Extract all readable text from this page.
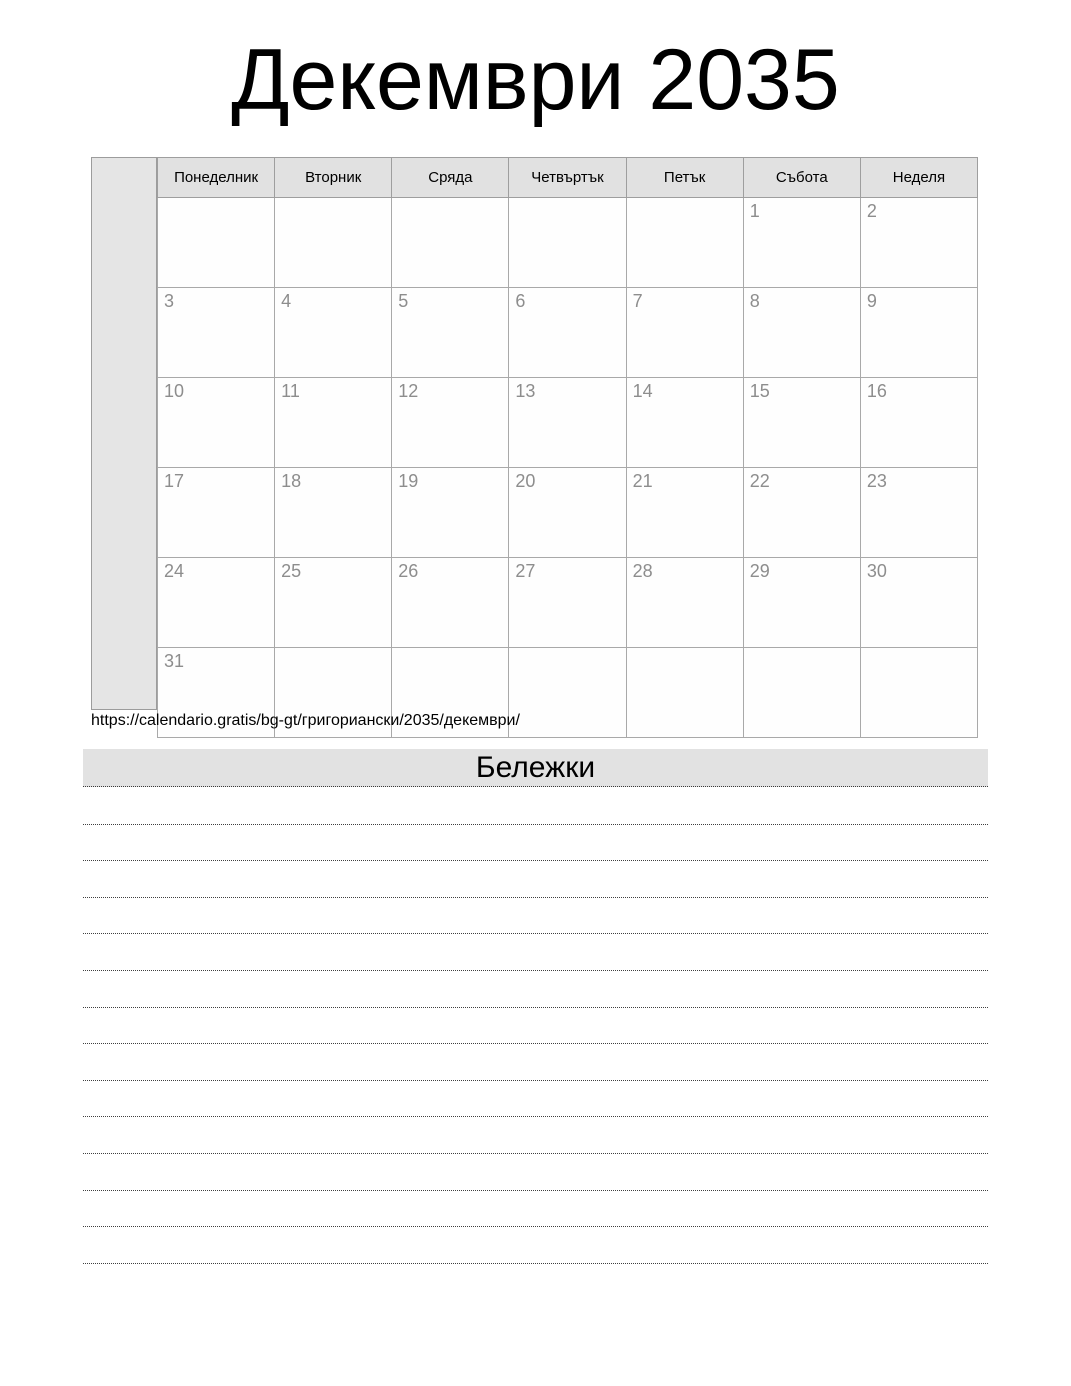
Декември 2035
Понеделник	Вторник	Сряда	Четвъртък	Петък	Събота	Неделя
					1	2
3	4	5	6	7	8	9
10	11	12	13	14	15	16
17	18	19	20	21	22	23
24	25	26	27	28	29	30
31						
https://calendario.gratis/bg-gt/григориански/2035/декември/
Бележки
